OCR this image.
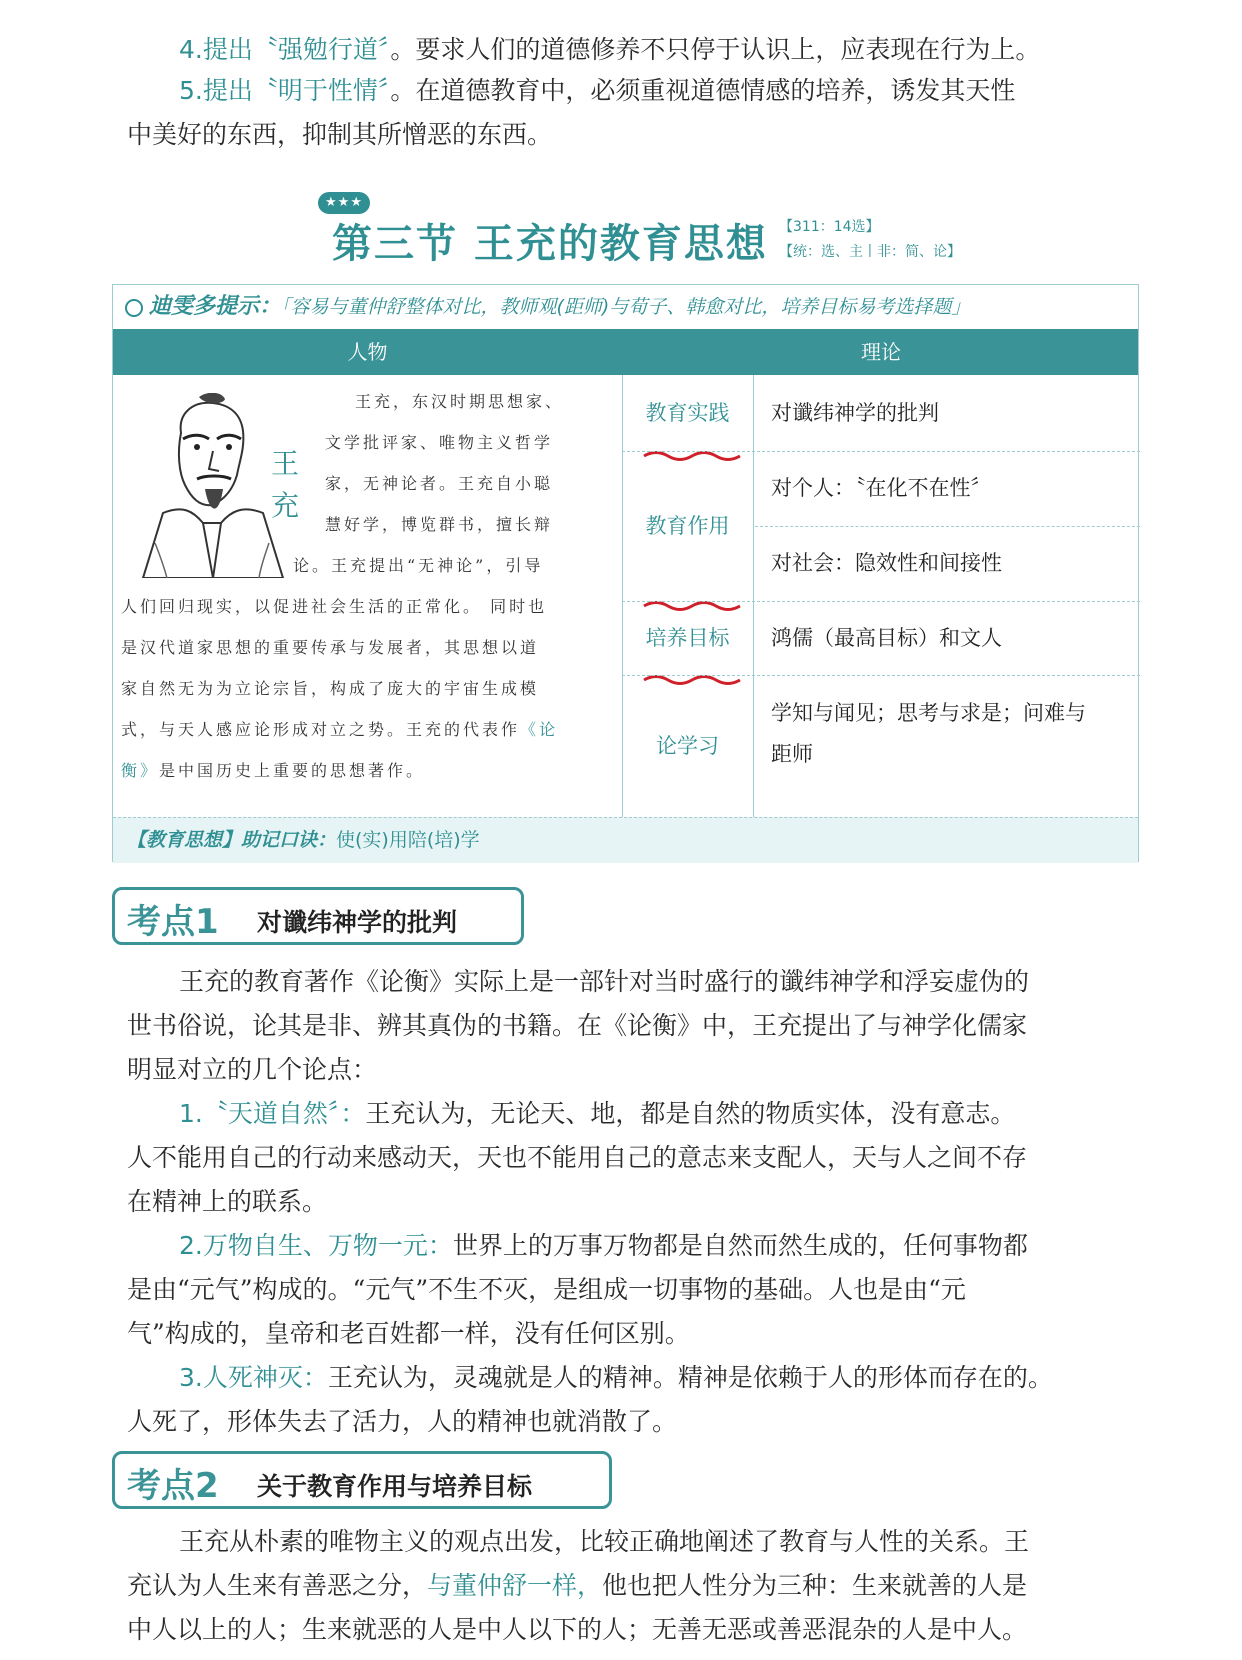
4.提出〝强勉行道〞。要求人们的道德修养不只停于认识上，应表现在行为上。

5.提出〝明于性情〞。在道德教育中，必须重视道德情感的培养，诱发其天性
中美好的东西，抑制其所憎恶的东西。

★★★
第三节 王充的教育思想 【311：14选】
【统：选、主丨非：简、论】
迪雯多提示：「容易与董仲舒整体对比，教师观(距师)与荀子、韩愈对比，培养目标易考选择题」
人物	理论
王
充
王充，东汉时期思想家、
文学批评家、唯物主义哲学
家，无神论者。王充自小聪
慧好学，博览群书，擅长辩
论。王充提出“无神论”，引导
人们回归现实，以促进社会生活的正常化。 同时也
是汉代道家思想的重要传承与发展者，其思想以道
家自然无为为立论宗旨，构成了庞大的宇宙生成模
式，与天人感应论形成对立之势。王充的代表作《论
衡》是中国历史上重要的思想著作。
教育实践
教育作用
培养目标
论学习
对谶纬神学的批判
对个人：〝在化不在性〞
对社会：隐效性和间接性
鸿儒（最高目标）和文人
学知与闻见；思考与求是；问难与
距师
【教育思想】助记口诀：使(实)用陪(培)学
考点1 对谶纬神学的批判

王充的教育著作《论衡》实际上是一部针对当时盛行的谶纬神学和浮妄虚伪的
世书俗说，论其是非、辨其真伪的书籍。在《论衡》中，王充提出了与神学化儒家
明显对立的几个论点：

1.〝天道自然〞：王充认为，无论天、地，都是自然的物质实体，没有意志。
人不能用自己的行动来感动天，天也不能用自己的意志来支配人，天与人之间不存
在精神上的联系。

2.万物自生、万物一元：世界上的万事万物都是自然而然生成的，任何事物都
是由“元气”构成的。“元气”不生不灭，是组成一切事物的基础。人也是由“元
气”构成的，皇帝和老百姓都一样，没有任何区别。

3.人死神灭：王充认为，灵魂就是人的精神。精神是依赖于人的形体而存在的。
人死了，形体失去了活力，人的精神也就消散了。

考点2 关于教育作用与培养目标

王充从朴素的唯物主义的观点出发，比较正确地阐述了教育与人性的关系。王
充认为人生来有善恶之分，与董仲舒一样，他也把人性分为三种：生来就善的人是
中人以上的人；生来就恶的人是中人以下的人；无善无恶或善恶混杂的人是中人。
